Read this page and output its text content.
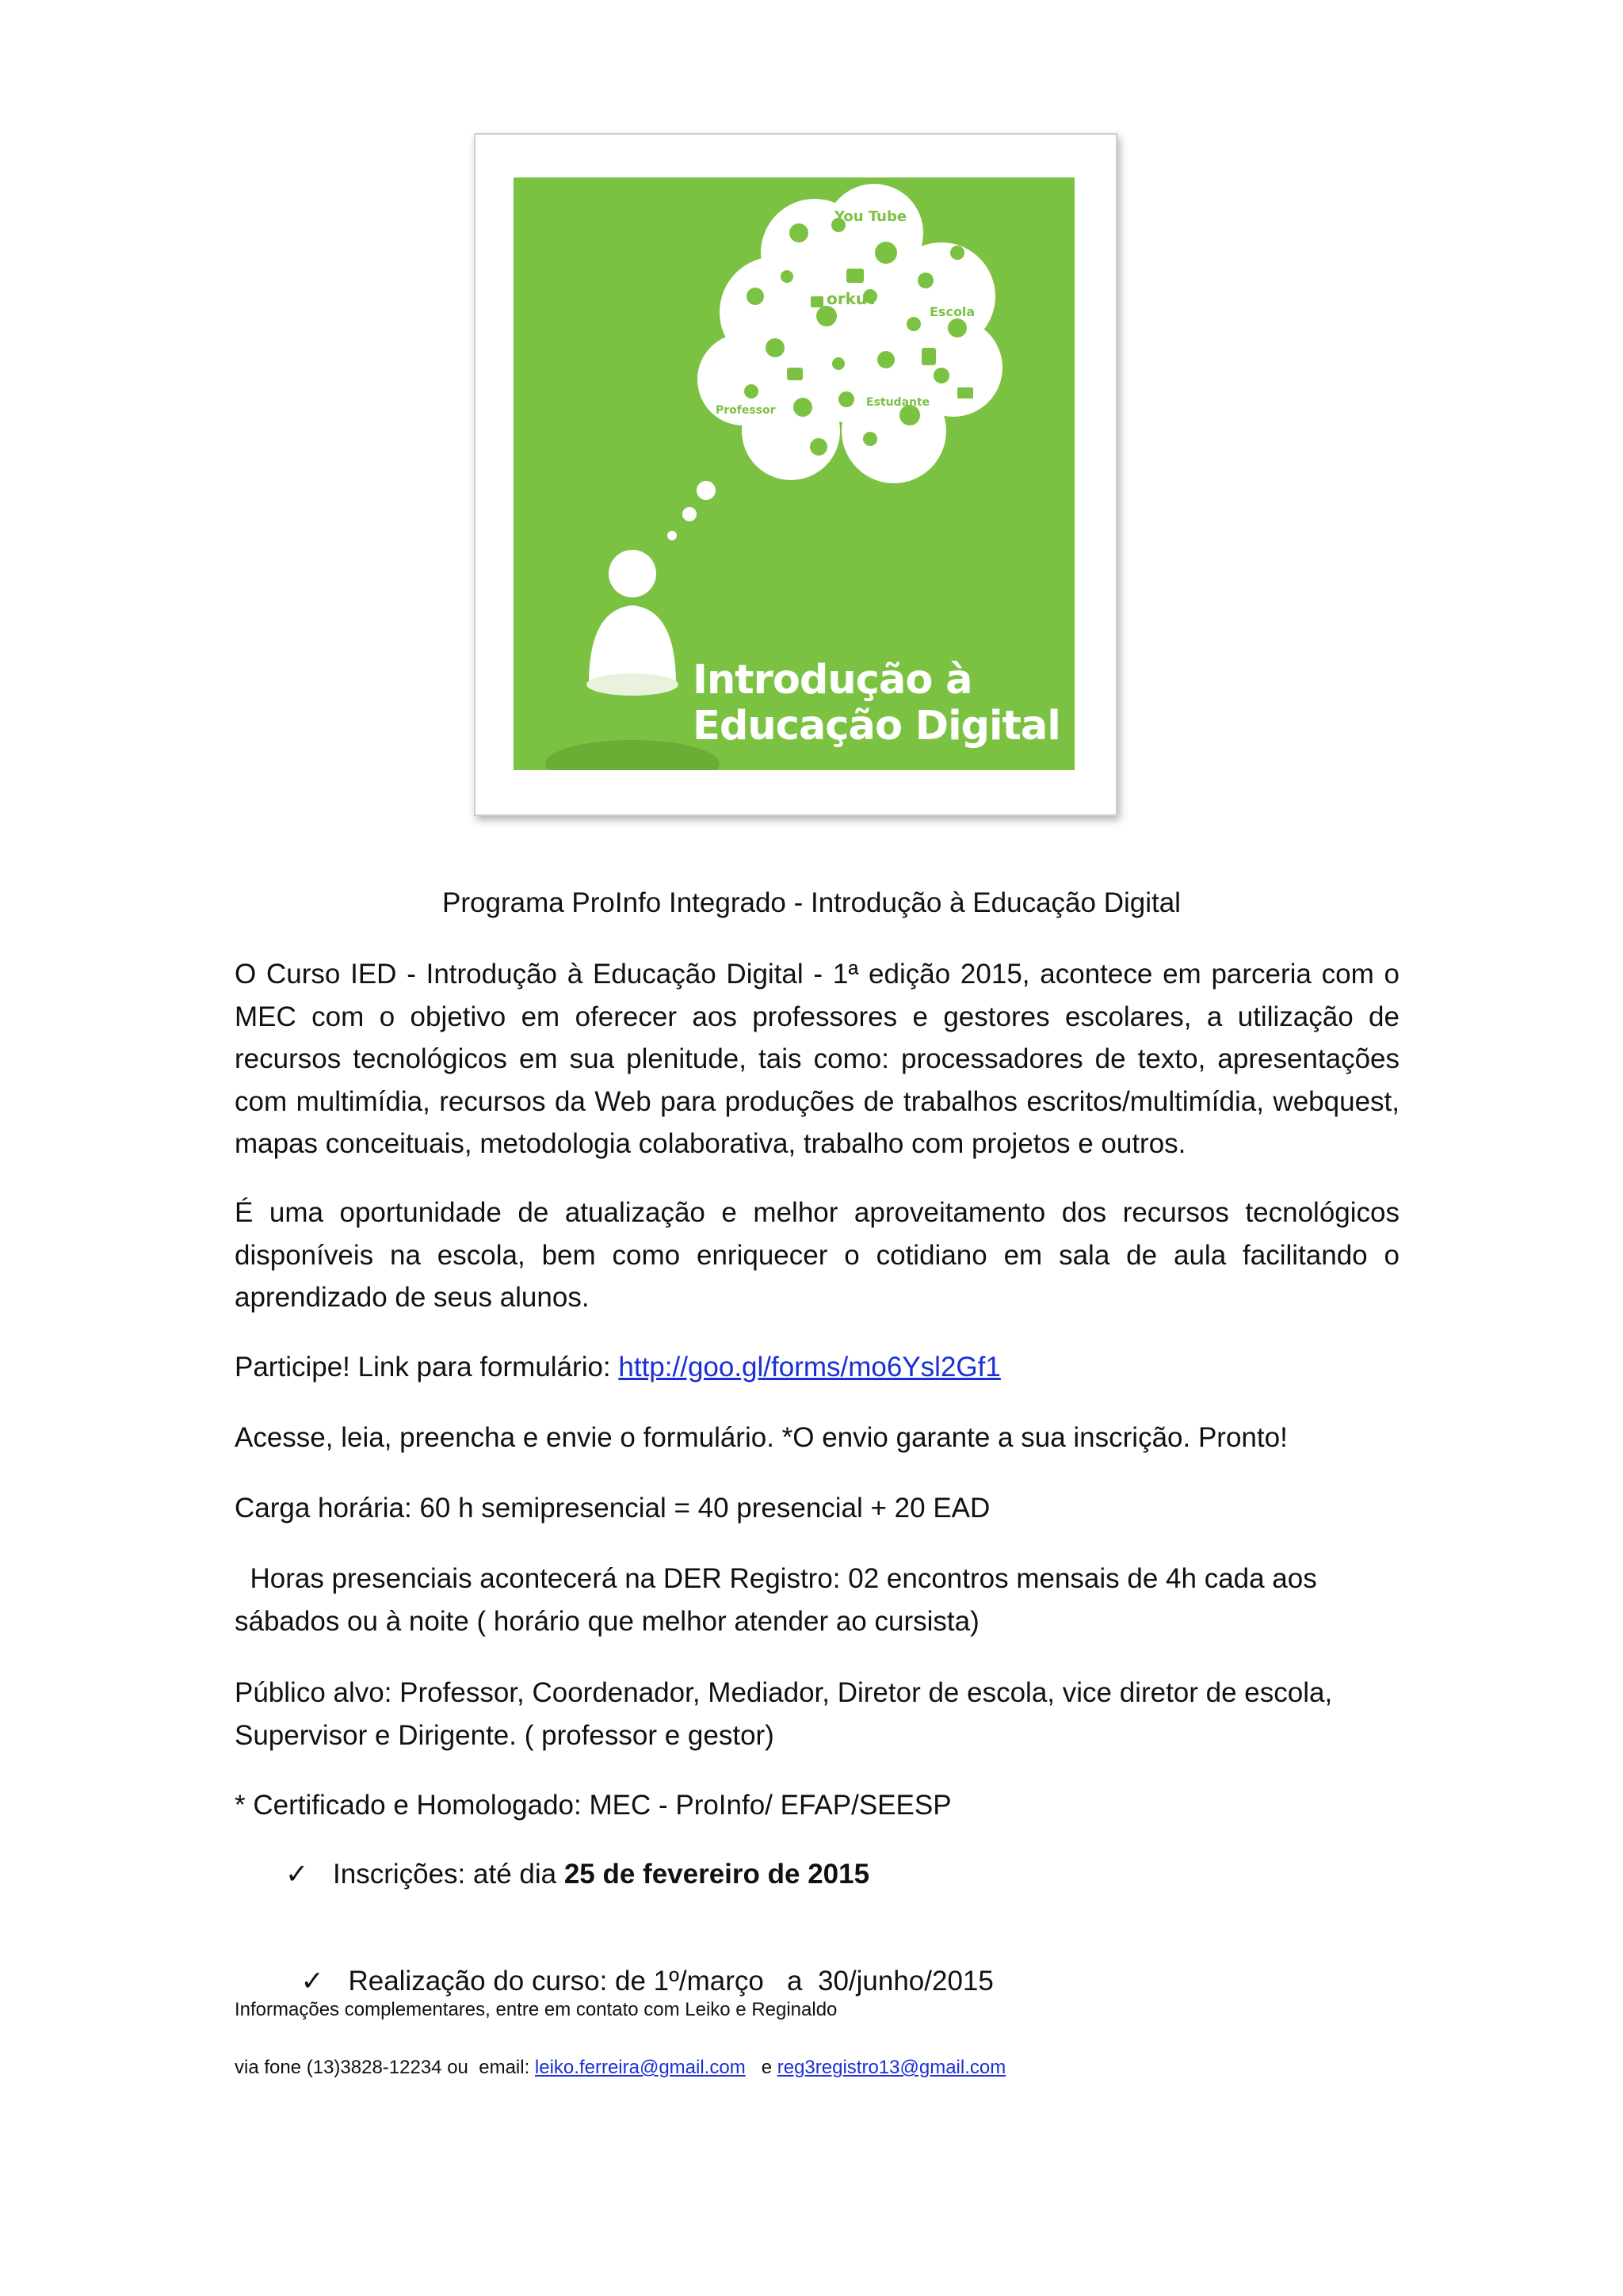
You Tube
orkut
Escola
Professor
Estudante
Introdução à
Educação Digital
Programa ProInfo Integrado - Introdução à Educação Digital

O Curso IED - Introdução à Educação Digital - 1ª edição 2015, acontece em parceria com o MEC com o objetivo em oferecer aos professores e gestores escolares, a utilização de recursos tecnológicos em sua plenitude, tais como: processadores de texto, apresentações com multimídia, recursos da Web para produções de trabalhos escritos/multimídia, webquest, mapas conceituais, metodologia colaborativa, trabalho com projetos e outros.

É uma oportunidade de atualização e melhor aproveitamento dos recursos tecnológicos disponíveis na escola, bem como enriquecer o cotidiano em sala de aula facilitando o aprendizado de seus alunos.

Participe! Link para formulário: http://goo.gl/forms/mo6Ysl2Gf1

Acesse, leia, preencha e envie o formulário. *O envio garante a sua inscrição. Pronto!

Carga horária: 60 h semipresencial = 40 presencial + 20 EAD

Horas presenciais acontecerá na DER Registro: 02 encontros mensais de 4h cada aos sábados ou à noite ( horário que melhor atender ao cursista)

Público alvo: Professor, Coordenador, Mediador, Diretor de escola, vice diretor de escola, Supervisor e Dirigente. ( professor e gestor)

* Certificado e Homologado: MEC - ProInfo/ EFAP/SEESP

✓ Inscrições: até dia 25 de fevereiro de 2015

✓ Realização do curso: de 1º/março   a  30/junho/2015

Informações complementares, entre em contato com Leiko e Reginaldo
via fone (13)3828-12234 ou  email: leiko.ferreira@gmail.com   e reg3registro13@gmail.com
